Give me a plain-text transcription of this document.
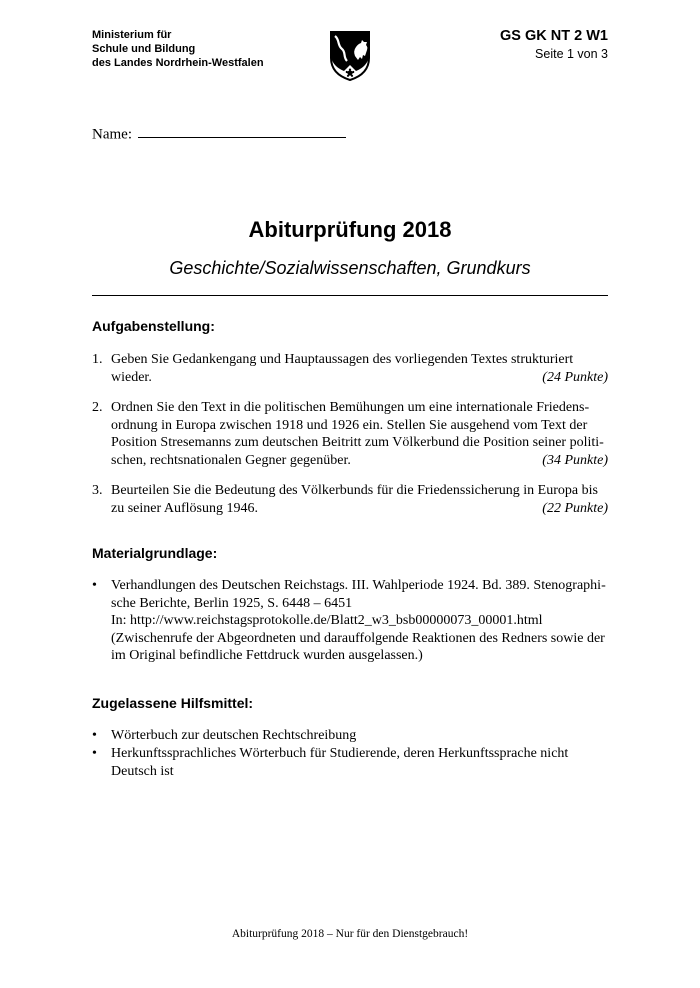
Ministerium für
Schule und Bildung
des Landes Nordrhein-Westfalen
GS GK NT 2 W1
Seite 1 von 3
Name:
Abiturprüfung 2018
Geschichte/Sozialwissenschaften, Grundkurs
Aufgabenstellung:
1. Geben Sie Gedankengang und Hauptaussagen des vorliegenden Textes strukturiert wieder.	(24 Punkte)
2. Ordnen Sie den Text in die politischen Bemühungen um eine internationale Friedensordnung in Europa zwischen 1918 und 1926 ein. Stellen Sie ausgehend vom Text der Position Stresemanns zum deutschen Beitritt zum Völkerbund die Position seiner politischen, rechtsnationalen Gegner gegenüber.	(34 Punkte)
3. Beurteilen Sie die Bedeutung des Völkerbunds für die Friedenssicherung in Europa bis zu seiner Auflösung 1946.	(22 Punkte)
Materialgrundlage:
•	Verhandlungen des Deutschen Reichstags. III. Wahlperiode 1924. Bd. 389. Stenographische Berichte, Berlin 1925, S. 6448 – 6451
In: http://www.reichstagsprotokolle.de/Blatt2_w3_bsb00000073_00001.html
(Zwischenrufe der Abgeordneten und darauffolgende Reaktionen des Redners sowie der im Original befindliche Fettdruck wurden ausgelassen.)
Zugelassene Hilfsmittel:
•	Wörterbuch zur deutschen Rechtschreibung
•	Herkunftssprachliches Wörterbuch für Studierende, deren Herkunftssprache nicht Deutsch ist
Abiturprüfung 2018 – Nur für den Dienstgebrauch!
